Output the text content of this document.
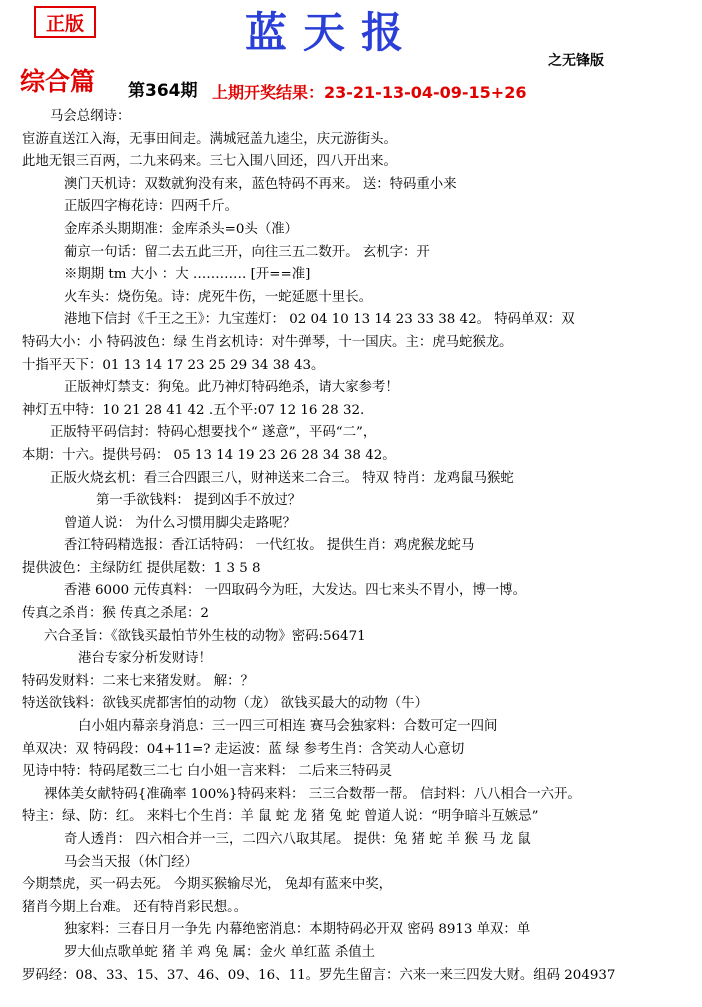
正版	蓝天报
之无锋版
综合篇 第364期 上期开奖结果：23-21-13-04-09-15+26
马会总纲诗：
宦游直送江入海，无事田间走。满城冠盖九逵尘，庆元游街头。
此地无银三百两，二九来码来。三七入围八回还，四八开出来。
澳门天机诗：双数就狗没有来，蓝色特码不再来。 送：特码重小来
正版四字梅花诗：四两千斤。
金库杀头期期准：金库杀头=0头（准）
葡京一句话：留二去五此三开，向往三五二数开。 玄机字：开
※期期 tm 大小 ：大 ………… [开==准]
火车头：烧伤兔。诗：虎死牛伤，一蛇延愿十里长。
港地下信封《千王之王》：九宝莲灯： 02 04 10 13 14 23 33 38 42。 特码单双：双
特码大小：小 特码波色：绿 生肖玄机诗：对牛弹琴，十一国庆。主：虎马蛇猴龙。
十指平天下：01 13 14 17 23 25 29 34 38 43。
正版神灯禁支：狗兔。此乃神灯特码绝杀，请大家参考！
神灯五中特：10 21 28 41 42 .五个平:07 12 16 28 32.
正版特平码信封：特码心想要找个“ 遂意”，平码“二”，
本期：十六。提供号码： 05 13 14 19 23 26 28 34 38 42。
正版火烧玄机：看三合四跟三八，财神送来二合三。 特双 特肖：龙鸡鼠马猴蛇
第一手欲钱料： 提到凶手不放过？
曾道人说： 为什么习惯用脚尖走路呢？
香江特码精选报：香江话特码： 一代红妆。 提供生肖：鸡虎猴龙蛇马
提供波色：主绿防红 提供尾数：1 3 5 8
香港 6000 元传真料： 一四取码今为旺，大发达。四七来头不胃小，博一博。
传真之杀肖：猴 传真之杀尾：2
六合圣旨：《欲钱买最怕节外生枝的动物》密码:56471
港台专家分析发财诗！
特码发财料：二来七来猪发财。 解：？
特送欲钱料：欲钱买虎都害怕的动物（龙） 欲钱买最大的动物（牛）
白小姐内幕亲身消息：三一四三可相连 赛马会独家料：合数可定一四间
单双决：双 特码段：04+11=? 走运波：蓝 绿 参考生肖：含笑动人心意切
见诗中特：特码尾数三二七 白小姐一言来料： 二后来三特码灵
裸体美女献特码{准确率 100%}特码来料： 三三合数帮一帮。 信封料：八八相合一六开。
特主：绿、防：红。 来料七个生肖：羊 鼠 蛇 龙 猪 兔 蛇 曾道人说：“明争暗斗互嫉忌”
奇人透肖： 四六相合并一三，二四六八取其尾。 提供：兔 猪 蛇 羊 猴 马 龙 鼠
马会当天报（休门经）
今期禁虎，买一码去死。 今期买猴输尽光， 兔却有蓝来中奖，
猪肖今期上台难。 还有特肖彩民想。。
独家料：三春日月一争先 内幕绝密消息：本期特码必开双 密码 8913 单双：单
罗大仙点歌单蛇 猪 羊 鸡 兔 属：金火 单红蓝 杀值土
罗码经：08、33、15、37、46、09、16、11。罗先生留言：六来一来三四发大财。组码 204937
